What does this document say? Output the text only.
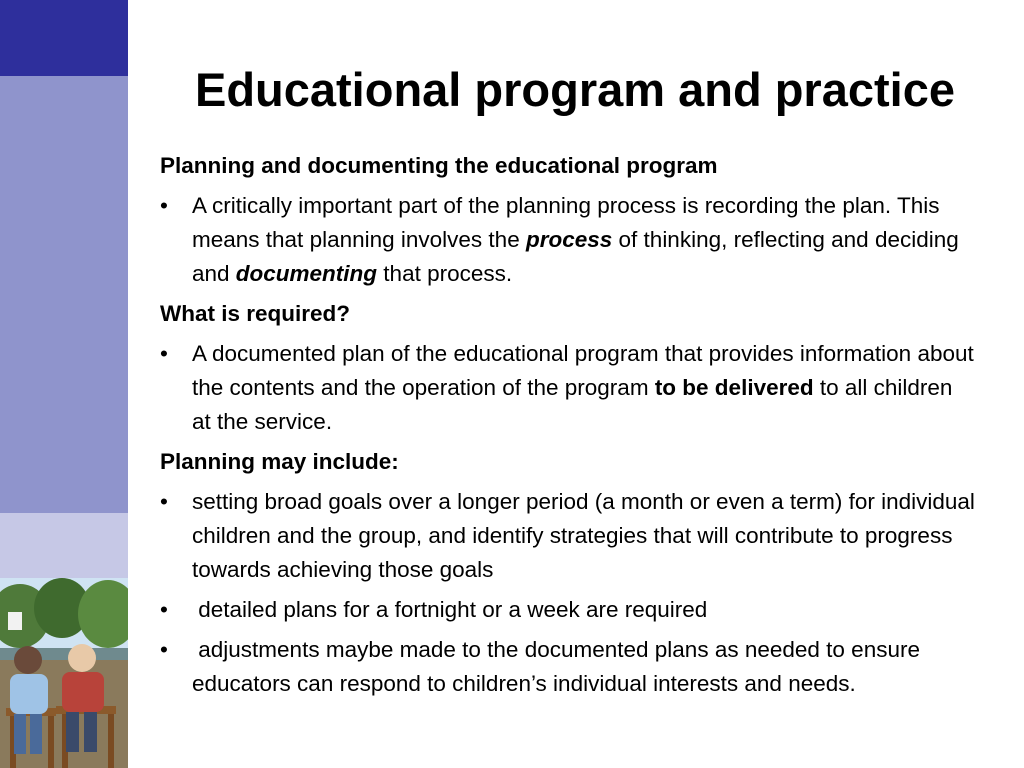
Educational program and practice

Planning and documenting the educational program

• A critically important part of the planning process is recording the plan. This means that planning involves the process of thinking, reflecting and deciding and documenting that process.

What is required?

• A documented plan of the educational program that provides information about the contents and the operation of the program to be delivered to all children at the service.

Planning may include:

• setting broad goals over a longer period (a month or even a term) for individual children and the group, and identify strategies that will contribute to progress towards achieving those goals

• detailed plans for a fortnight or a week are required

• adjustments maybe made to the documented plans as needed to ensure educators can respond to children’s individual interests and needs.
